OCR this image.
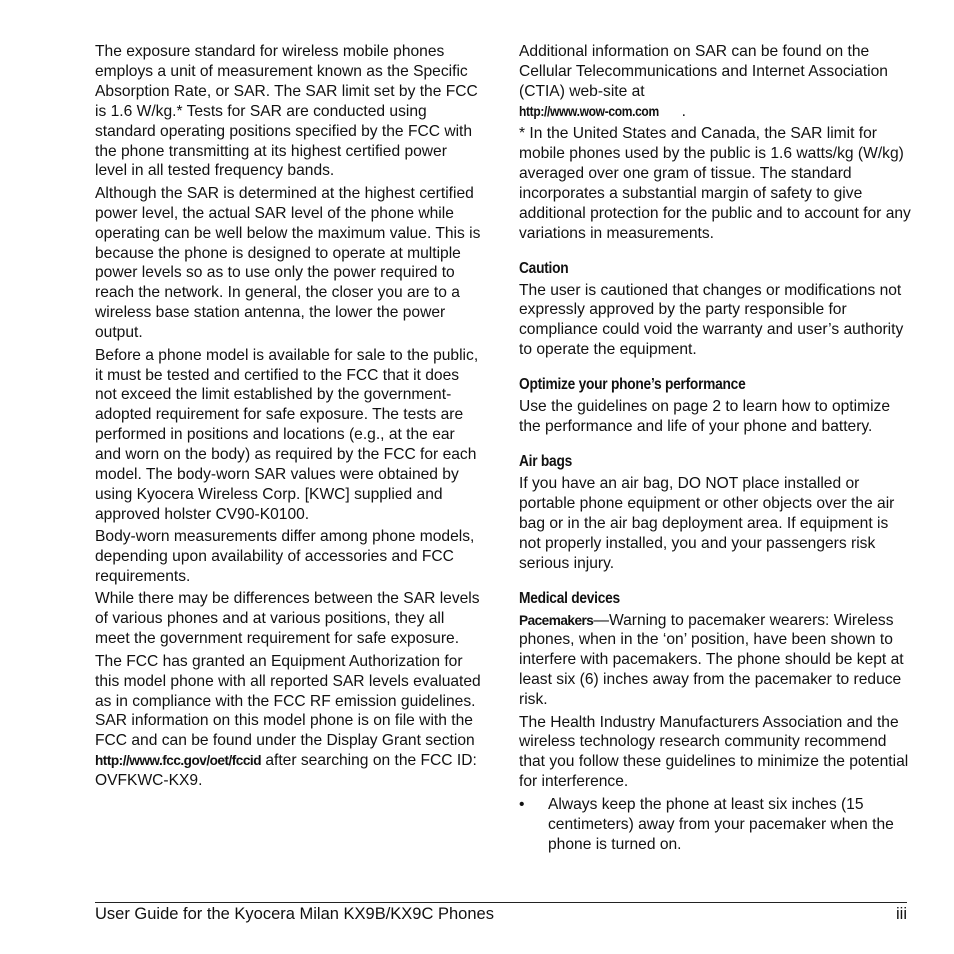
The exposure standard for wireless mobile phones employs a unit of measurement known as the Specific Absorption Rate, or SAR. The SAR limit set by the FCC is 1.6 W/kg.* Tests for SAR are conducted using standard operating positions specified by the FCC with the phone transmitting at its highest certified power level in all tested frequency bands.

Although the SAR is determined at the highest certified power level, the actual SAR level of the phone while operating can be well below the maximum value. This is because the phone is designed to operate at multiple power levels so as to use only the power required to reach the network. In general, the closer you are to a wireless base station antenna, the lower the power output.

Before a phone model is available for sale to the public, it must be tested and certified to the FCC that it does not exceed the limit established by the government-adopted requirement for safe exposure. The tests are performed in positions and locations (e.g., at the ear and worn on the body) as required by the FCC for each model. The body-worn SAR values were obtained by using Kyocera Wireless Corp. [KWC] supplied and approved holster CV90-K0100.

Body-worn measurements differ among phone models, depending upon availability of accessories and FCC requirements.

While there may be differences between the SAR levels of various phones and at various positions, they all meet the government requirement for safe exposure.

The FCC has granted an Equipment Authorization for this model phone with all reported SAR levels evaluated as in compliance with the FCC RF emission guidelines. SAR information on this model phone is on file with the FCC and can be found under the Display Grant section http://www.fcc.gov/oet/fccid after searching on the FCC ID: OVFKWC-KX9.

Additional information on SAR can be found on the Cellular Telecommunications and Internet Association (CTIA) web-site at
http://www.wow-com.com .

* In the United States and Canada, the SAR limit for mobile phones used by the public is 1.6 watts/kg (W/kg) averaged over one gram of tissue. The standard incorporates a substantial margin of safety to give additional protection for the public and to account for any variations in measurements.

Caution

The user is cautioned that changes or modifications not expressly approved by the party responsible for compliance could void the warranty and user’s authority to operate the equipment.

Optimize your phone’s performance

Use the guidelines on page 2 to learn how to optimize the performance and life of your phone and battery.

Air bags

If you have an air bag, DO NOT place installed or portable phone equipment or other objects over the air bag or in the air bag deployment area. If equipment is not properly installed, you and your passengers risk serious injury.

Medical devices

Pacemakers—Warning to pacemaker wearers: Wireless phones, when in the ‘on’ position, have been shown to interfere with pacemakers. The phone should be kept at least six (6) inches away from the pacemaker to reduce risk.

The Health Industry Manufacturers Association and the wireless technology research community recommend that you follow these guidelines to minimize the potential for interference.

•	Always keep the phone at least six inches (15 centimeters) away from your pacemaker when the phone is turned on.
User Guide for the Kyocera Milan KX9B/KX9C Phones	iii
